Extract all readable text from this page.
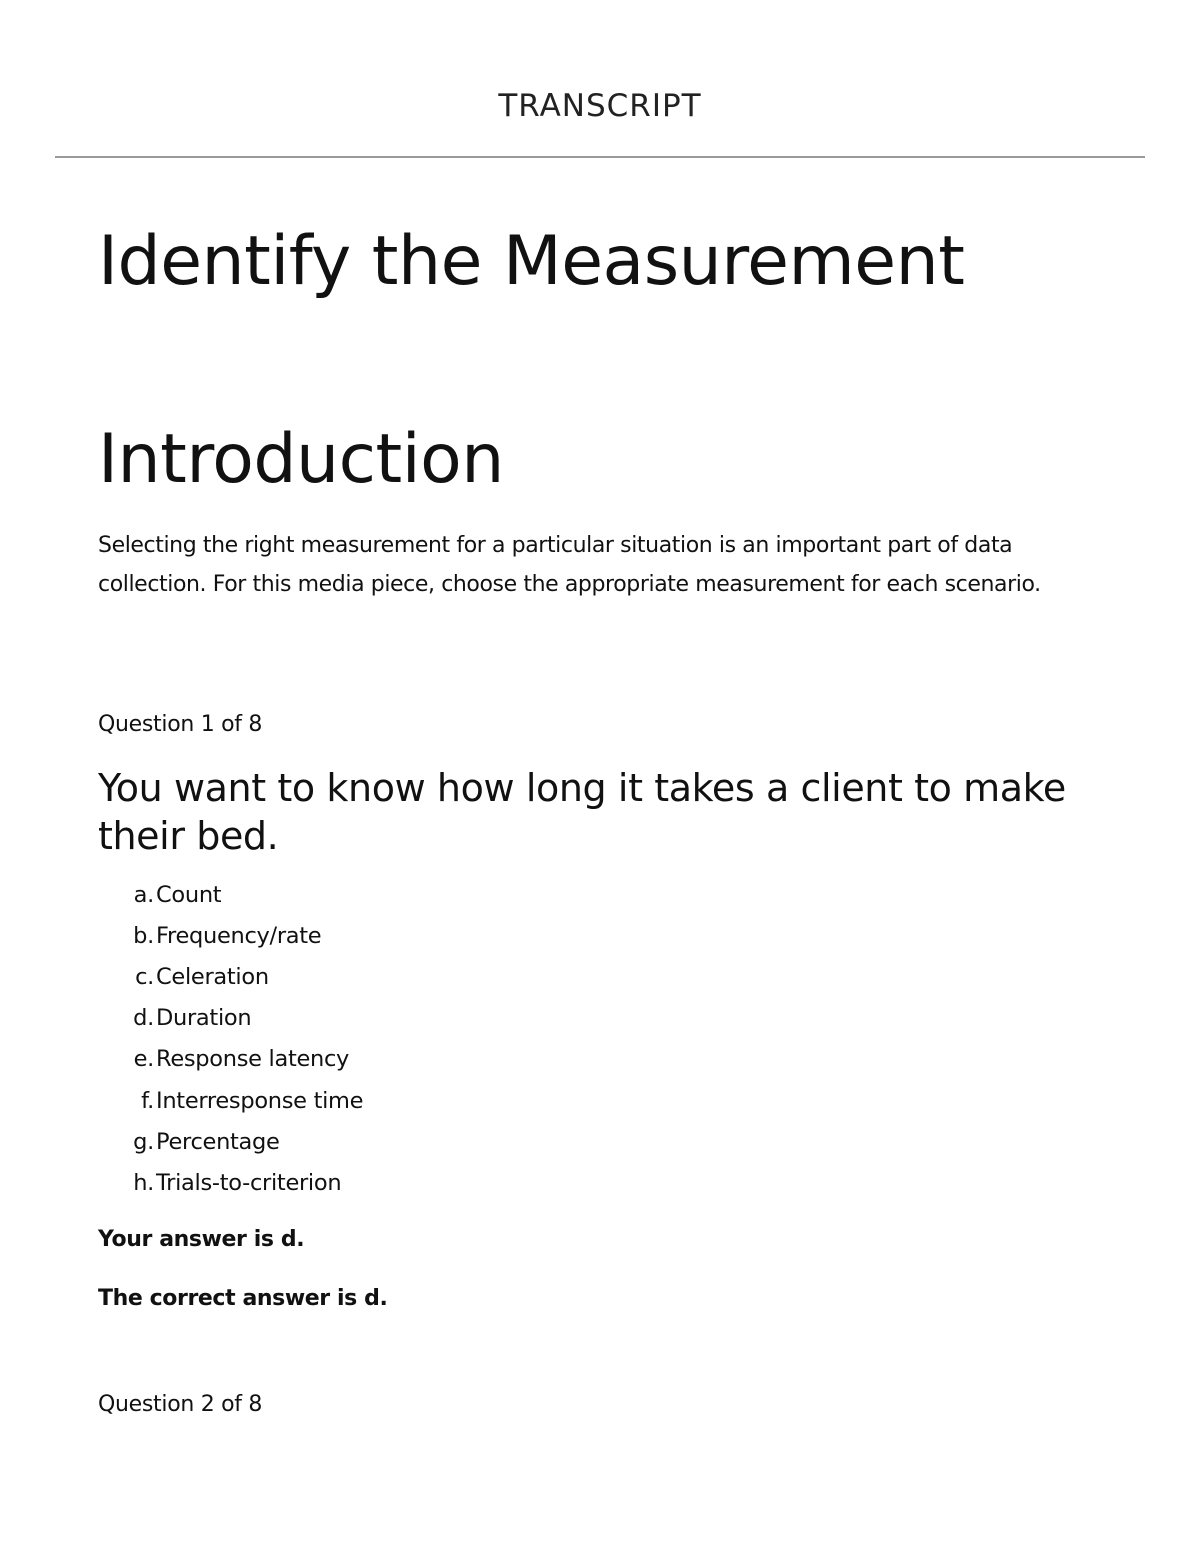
TRANSCRIPT
Identify the Measurement
Introduction
Selecting the right measurement for a particular situation is an important part of data collection. For this media piece, choose the appropriate measurement for each scenario.
Question 1 of 8
You want to know how long it takes a client to make their bed.
a. Count
b. Frequency/rate
c. Celeration
d. Duration
e. Response latency
f. Interresponse time
g. Percentage
h. Trials-to-criterion
Your answer is d.
The correct answer is d.
Question 2 of 8
